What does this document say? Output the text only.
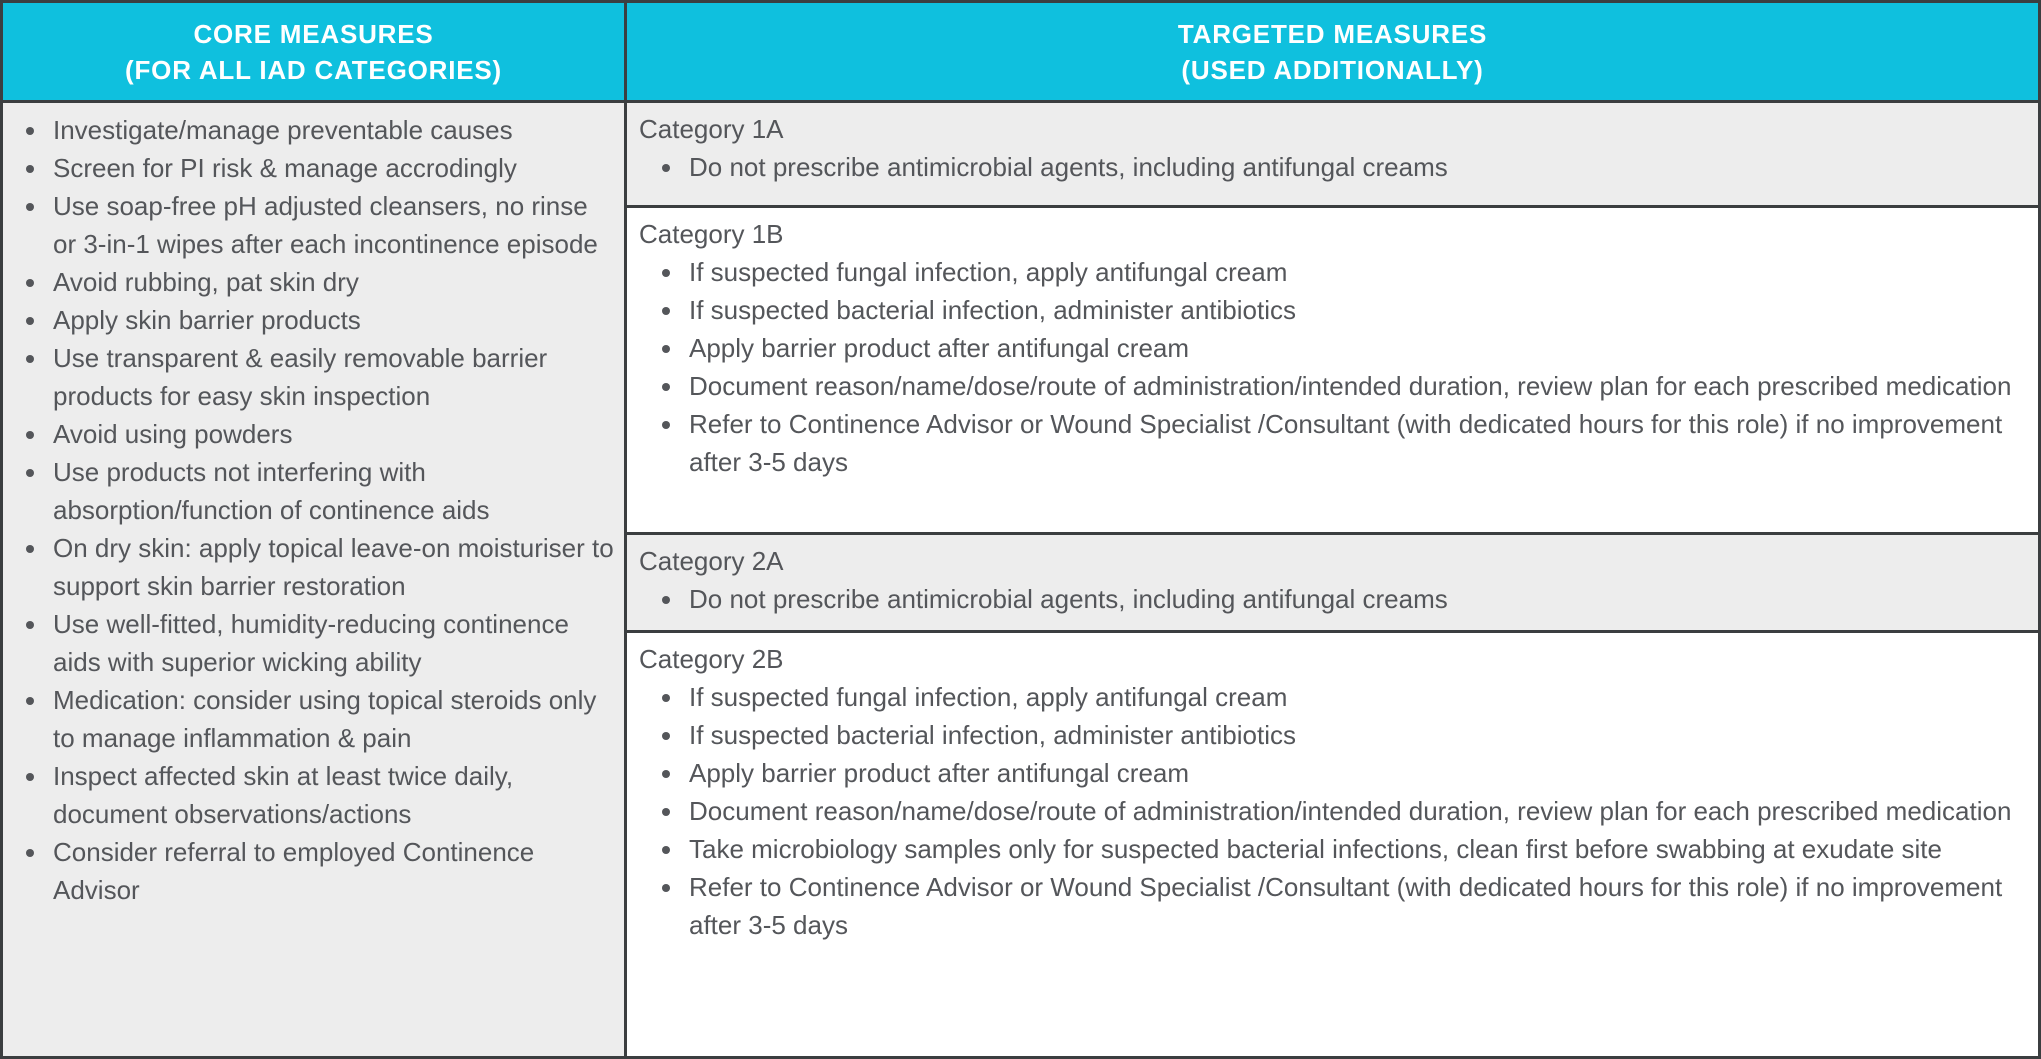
CORE MEASURES
(FOR ALL IAD CATEGORIES)
• Investigate/manage preventable causes
• Screen for PI risk & manage accrodingly
• Use soap-free pH adjusted cleansers, no rinse or 3-in-1 wipes after each incontinence episode
• Avoid rubbing, pat skin dry
• Apply skin barrier products
• Use transparent & easily removable barrier products for easy skin inspection
• Avoid using powders
• Use products not interfering with absorption/function of continence aids
• On dry skin: apply topical leave-on moisturiser to support skin barrier restoration
• Use well-fitted, humidity-reducing continence aids with superior wicking ability
• Medication: consider using topical steroids only to manage inflammation & pain
• Inspect affected skin at least twice daily, document observations/actions
• Consider referral to employed Continence Advisor
TARGETED MEASURES
(USED ADDITIONALLY)
Category 1A
• Do not prescribe antimicrobial agents, including antifungal creams
Category 1B
• If suspected fungal infection, apply antifungal cream
• If suspected bacterial infection, administer antibiotics
• Apply barrier product after antifungal cream
• Document reason/name/dose/route of administration/intended duration, review plan for each prescribed medication
• Refer to Continence Advisor or Wound Specialist /Consultant (with dedicated hours for this role) if no improvement after 3-5 days
Category 2A
• Do not prescribe antimicrobial agents, including antifungal creams
Category 2B
• If suspected fungal infection, apply antifungal cream
• If suspected bacterial infection, administer antibiotics
• Apply barrier product after antifungal cream
• Document reason/name/dose/route of administration/intended duration, review plan for each prescribed medication
• Take microbiology samples only for suspected bacterial infections, clean first before swabbing at exudate site
• Refer to Continence Advisor or Wound Specialist /Consultant (with dedicated hours for this role) if no improvement after 3-5 days
